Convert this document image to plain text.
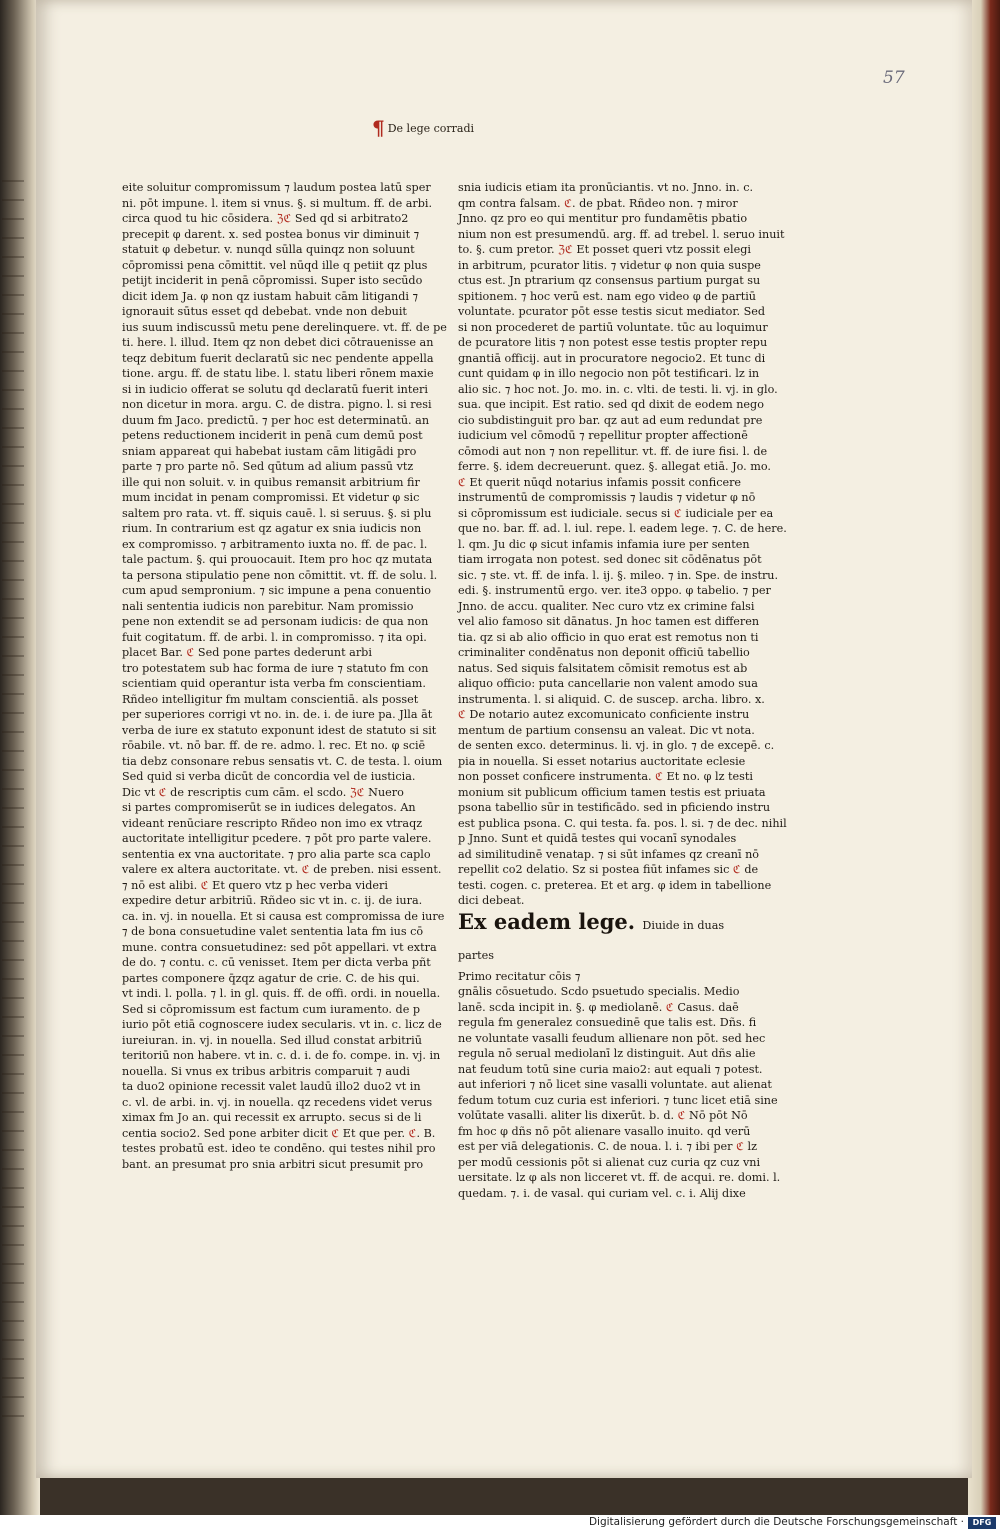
57
¶ De lege corradi
eite soluitur compromissum ⁊ laudum postea latū sper
ni. pōt impune. l. item si vnus. §. si multum. ff. de arbi.
circa quod tu hic cōsidera. ℨℭ Sed qd si arbitrato2
precepit φ darent. x. sed postea bonus vir diminuit ⁊
statuit φ debetur. v. nunqd sūlla quinqz non soluunt
cōpromissi pena cōmittit. vel nūqd ille q petiit qz plus
petijt inciderit in penā cōpromissi. Super isto secūdo
dicit idem Ja. φ non qz iustam habuit cām litigandi ⁊
ignorauit sūtus esset qd debebat. vnde non debuit
ius suum indiscussū metu pene derelinquere. vt. ff. de pe
ti. here. l. illud. Item qz non debet dici cōtrauenisse an
teqz debitum fuerit declaratū sic nec pendente appella
tione. argu. ff. de statu libe. l. statu liberi rōnem maxie
si in iudicio offerat se solutu qd declaratū fuerit interi
non dicetur in mora. argu. C. de distra. pigno. l. si resi
duum fm Jaco. predictū. ⁊ per hoc est determinatū. an
petens reductionem inciderit in penā cum demū post
sniam appareat qui habebat iustam cām litigādi pro
parte ⁊ pro parte nō. Sed qūtum ad alium passū vtz
ille qui non soluit. v. in quibus remansit arbitrium fir
mum incidat in penam compromissi. Et videtur φ sic
saltem pro rata. vt. ff. siquis cauē. l. si seruus. §. si plu
rium. In contrarium est qz agatur ex snia iudicis non
ex compromisso. ⁊ arbitramento iuxta no. ff. de pac. l.
tale pactum. §. qui prouocauit. Item pro hoc qz mutata
ta persona stipulatio pene non cōmittit. vt. ff. de solu. l.
cum apud sempronium. ⁊ sic impune a pena conuentio
nali sententia iudicis non parebitur. Nam promissio
pene non extendit se ad personam iudicis: de qua non
fuit cogitatum. ff. de arbi. l. in compromisso. ⁊ ita opi.
placet Bar. ℭ Sed pone partes dederunt arbi
tro potestatem sub hac forma de iure ⁊ statuto fm con
scientiam quid operantur ista verba fm conscientiam.
Rñdeo intelligitur fm multam conscientiā. als posset
per superiores corrigi vt no. in. de. i. de iure pa. Jlla āt
verba de iure ex statuto exponunt idest de statuto si sit
rōabile. vt. nō bar. ff. de re. admo. l. rec. Et no. φ sciē
tia debz consonare rebus sensatis vt. C. de testa. l. oium
Sed quid si verba dicūt de concordia vel de iusticia.
Dic vt ℭ de rescriptis cum cām. el scdo. ℨℭ Nuero
si partes compromiserūt se in iudices delegatos. An
videant renūciare rescripto Rñdeo non imo ex vtraqz
auctoritate intelligitur pcedere. ⁊ pōt pro parte valere.
sententia ex vna auctoritate. ⁊ pro alia parte sca caplo
valere ex altera auctoritate. vt. ℭ de preben. nisi essent.
⁊ nō est alibi. ℭ Et quero vtz p hec verba videri
expedire detur arbitriū. Rñdeo sic vt in. c. ij. de iura.
ca. in. vj. in nouella. Et si causa est compromissa de iure
⁊ de bona consuetudine valet sententia lata fm ius cō
mune. contra consuetudinez: sed pōt appellari. vt extra
de do. ⁊ contu. c. cū venisset. Item per dicta verba pñt
partes componere q̄zqz agatur de crie. C. de his qui.
vt indi. l. polla. ⁊ l. in gl. quis. ff. de offi. ordi. in nouella.
Sed si cōpromissum est factum cum iuramento. de p
iurio pōt etiā cognoscere iudex secularis. vt in. c. licz de
iureiuran. in. vj. in nouella. Sed illud constat arbitriū
teritoriū non habere. vt in. c. d. i. de fo. compe. in. vj. in
nouella. Si vnus ex tribus arbitris comparuit ⁊ audi
ta duo2 opinione recessit valet laudū illo2 duo2 vt in
c. vl. de arbi. in. vj. in nouella. qz recedens videt verus
ximax fm Jo an. qui recessit ex arrupto. secus si de li
centia socio2. Sed pone arbiter dicit ℭ Et que per. ℭ
testes probatū est. ideo te condēno. qui testes nihil pro
bant. an presumat pro snia arbitri sicut presumit pro
snia iudicis etiam ita pronūciantis. vt no. Jnno. in. c.
qm contra falsam. ℭ. de pbat. Rñdeo non. ⁊ miror
Jnno. qz pro eo qui mentitur pro fundamētis pbatio
nium non est presumendū. arg. ff. ad trebel. l. seruo inuit
to. §. cum pretor. ℨℭ Et posset queri vtz possit elegi
in arbitrum, pcurator litis. ⁊ videtur φ non quia suspe
ctus est. Jn ptrarium qz consensus partium purgat su
spitionem. ⁊ hoc verū est. nam ego video φ de partiū
voluntate. pcurator pōt esse testis sicut mediator. Sed
si non procederet de partiū voluntate. tūc au loquimur
de pcuratore litis ⁊ non potest esse testis propter repu
gnantiā officij. aut in procuratore negocio2. Et tunc di
cunt quidam φ in illo negocio non pōt testificari. lz in
alio sic. ⁊ hoc not. Jo. mo. in. c. vlti. de testi. li. vj. in glo.
sua. que incipit. Est ratio. sed qd dixit de eodem nego
cio subdistinguit pro bar. qz aut ad eum redundat pre
iudicium vel cōmodū ⁊ repellitur propter affectionē
cōmodi aut non ⁊ non repellitur. vt. ff. de iure fisi. l. de
ferre. §. idem decreuerunt. quez. §. allegat etiā. Jo. mo.
ℭ Et querit nūqd notarius infamis possit conficere
instrumentū de compromissis ⁊ laudis ⁊ videtur φ nō
si cōpromissum est iudiciale. secus si ℭ iudiciale per ea
que no. bar. ff. ad. l. iul. repe. l. eadem lege. ⁊. C. de here.
l. qm. Ju dic φ sicut infamis infamia iure per senten
tiam irrogata non potest. sed donec sit cōdēnatus pōt
sic. ⁊ ste. vt. ff. de infa. l. ij. §. mileo. ⁊ in. Spe. de instru.
edi. §. instrumentū ergo. ver. ite3 oppo. φ tabelio. ⁊ per
Jnno. de accu. qualiter. Nec curo vtz ex crimine falsi
vel alio famoso sit dānatus. Jn hoc tamen est differen
tia. qz si ab alio officio in quo erat est remotus non ti
criminaliter condēnatus non deponit officiū tabellio
natus. Sed siquis falsitatem cōmisit remotus est ab
aliquo officio: puta cancellarie non valent amodo sua
instrumenta. l. si aliquid. C. de suscep. archa. libro. x.
ℭ De notario autez excomunicato conficiente instru
mentum de partium consensu an valeat. Dic vt nota.
de senten exco. determinus. li. vj. in glo. ⁊ de excepē. c.
pia in nouella. Si esset notarius auctoritate eclesie
non posset conficere instrumenta. ℭ Et no. φ lz testi
monium sit publicum officium tamen testis est priuata
psona tabellio sūr in testificādo. sed in pficiendo instru
est publica psona. C. qui testa. fa. pos. l. si. ⁊ de dec. nihil
p Jnno. Sunt et quidā testes qui vocanī synodales
ad similitudinē venatap. ⁊ si sūt infames qz creanī nō
repellit co2 delatio. Sz si postea fiūt infames sic ℭ
testi. cogen. c. preterea. Et et arg. φ idem in tabellione
dici debeat.
Ex eadem lege. Diuide in duas partes
Primo recitatur cōis ⁊
gnālis cōsuetudo. Scdo psuetudo specialis. Medio
lanē. scda incipit in. §. φ mediolanē. ℭ Casus. daē
regula fm generalez consuedinē que talis est. Dñs. fi
ne voluntate vasalli feudum allienare non pōt. sed hec
regula nō serual mediolanī lz distinguit. Aut dñs alie
nat feudum totū sine curia maio2: aut equali ⁊ potest.
aut inferiori ⁊ nō licet sine vasalli voluntate. aut alienat
fedum totum cuz curia est inferiori. ⁊ tunc licet etiā sine
volūtate vasalli. aliter lis dixerūt. b. d. ℭ Nō pōt Nō
fm hoc φ dñs nō pōt alienare vasallo inuito. qd verū
est per viā delegationis. C. de noua. l. i. ⁊ ibi per ℭ
per modū cessionis pōt si alienat cuz curia qz cuz vni
uersitate. lz φ als non licceret vt. ff. de acqui. re. domi. l.
quedam. ⁊. i. de vasal. qui curiam vel. c. i. Alij dixe
Digitalisierung gefördert durch die Deutsche Forschungsgemeinschaft ·	DFG
